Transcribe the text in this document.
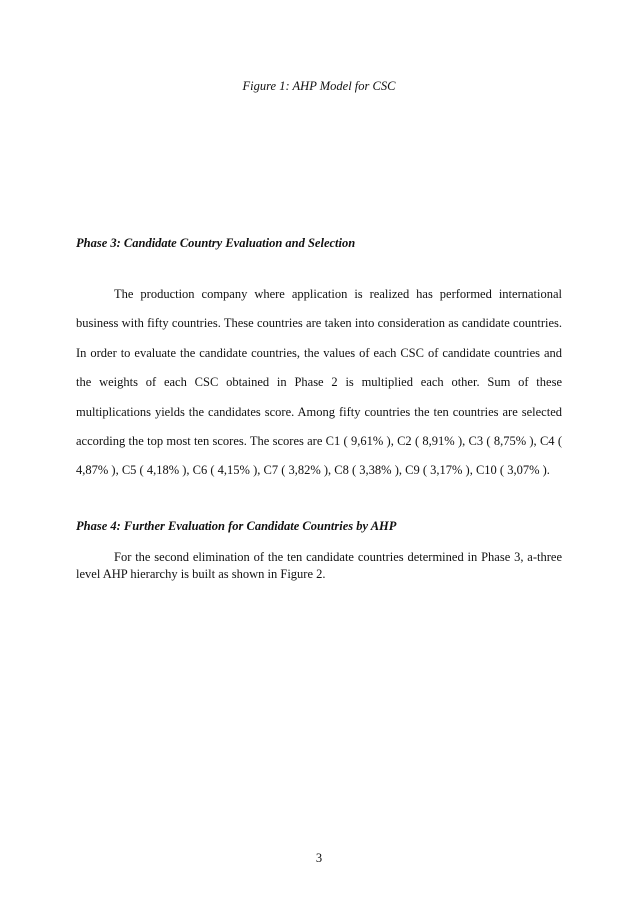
Figure 1: AHP Model for CSC
Phase 3: Candidate Country Evaluation and Selection

The production company where application is realized has performed international business with fifty countries. These countries are taken into consideration as candidate countries. In order to evaluate the candidate countries, the values of each CSC of candidate countries and the weights of each CSC obtained in Phase 2 is multiplied each other. Sum of these multiplications yields the candidates score. Among fifty countries the ten countries are selected according the top most ten scores. The scores are C1 ( 9,61% ), C2 ( 8,91% ), C3 ( 8,75% ), C4 ( 4,87% ), C5 ( 4,18% ), C6 ( 4,15% ), C7 ( 3,82% ), C8 ( 3,38% ), C9 ( 3,17% ), C10 ( 3,07% ).

Phase 4: Further Evaluation for Candidate Countries by AHP

For the second elimination of the ten candidate countries determined in Phase 3, a-three level AHP hierarchy is built as shown in Figure 2.

3
